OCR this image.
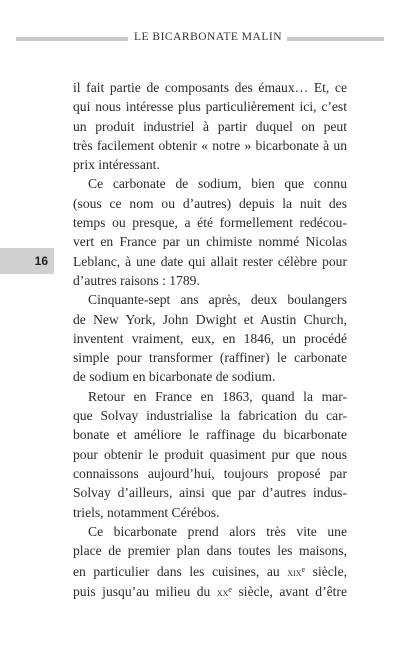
LE BICARBONATE MALIN
16
il fait partie de composants des émaux… Et, ce
qui nous intéresse plus particulièrement ici, c’est
un produit industriel à partir duquel on peut
très facilement obtenir « notre » bicarbonate à un
prix intéressant.
Ce carbonate de sodium, bien que connu
(sous ce nom ou d’autres) depuis la nuit des
temps ou presque, a été formellement redécou-
vert en France par un chimiste nommé Nicolas
Leblanc, à une date qui allait rester célèbre pour
d’autres raisons : 1789.
Cinquante-sept ans après, deux boulangers
de New York, John Dwight et Austin Church,
inventent vraiment, eux, en 1846, un procédé
simple pour transformer (raffiner) le carbonate
de sodium en bicarbonate de sodium.
Retour en France en 1863, quand la mar-
que Solvay industrialise la fabrication du car-
bonate et améliore le raffinage du bicarbonate
pour obtenir le produit quasiment pur que nous
connaissons aujourd’hui, toujours proposé par
Solvay d’ailleurs, ainsi que par d’autres indus-
triels, notamment Cérébos.
Ce bicarbonate prend alors très vite une
place de premier plan dans toutes les maisons,
en particulier dans les cuisines, au xix$^e$ siècle,
puis jusqu’au milieu du $xx^e$ siècle, avant d’être
